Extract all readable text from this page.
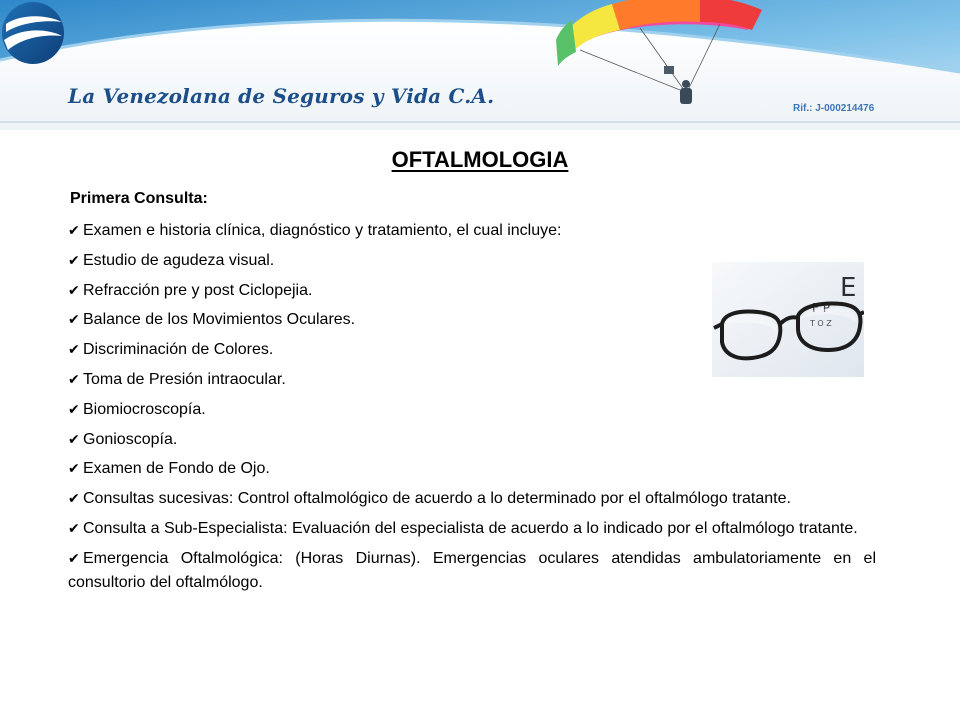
La Venezolana de Seguros y Vida C.A.
Rif.: J-000214476
OFTALMOLOGIA
Primera Consulta:
✔ Examen e historia clínica, diagnóstico y tratamiento, el cual incluye:
✔ Estudio de agudeza visual.
✔ Refracción pre y post Ciclopejia.
✔ Balance de los Movimientos Oculares.
✔ Discriminación de Colores.
✔ Toma de Presión intraocular.
✔ Biomiocroscopía.
✔ Gonioscopía.
✔ Examen de Fondo de Ojo.
✔ Consultas sucesivas: Control oftalmológico de acuerdo a lo determinado por el oftalmólogo tratante.
✔ Consulta a Sub-Especialista: Evaluación del especialista de acuerdo a lo indicado por el oftalmólogo tratante.
✔ Emergencia Oftalmológica: (Horas Diurnas). Emergencias oculares atendidas ambulatoriamente en el consultorio del oftalmólogo.
E
F P
T O Z
